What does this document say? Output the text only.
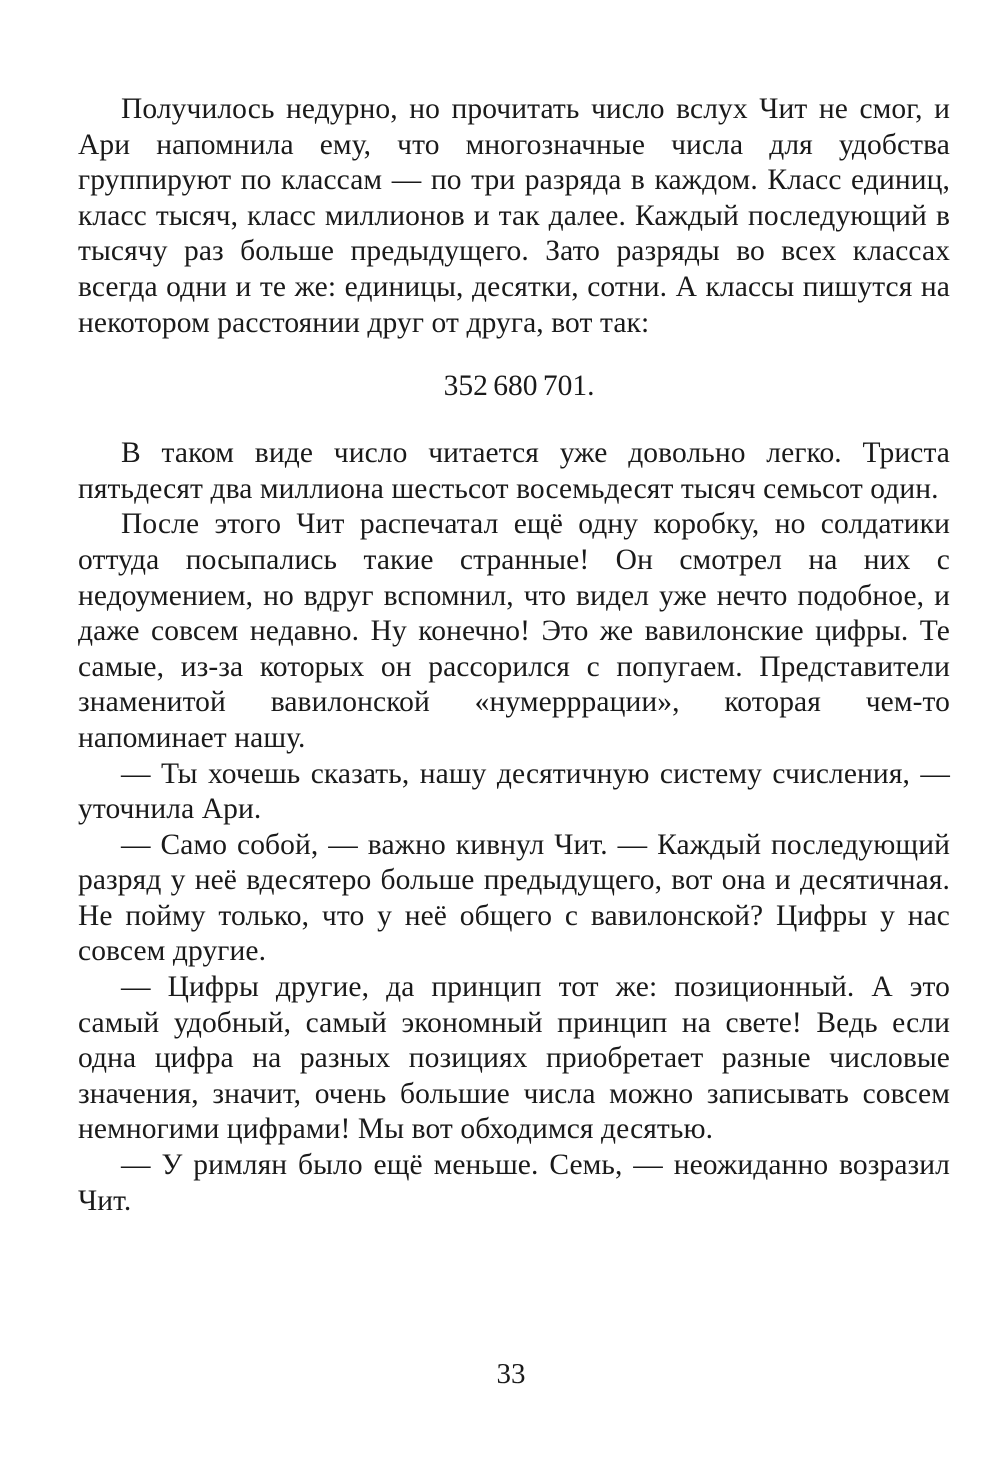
Получилось недурно, но прочитать число вслух Чит не смог, и Ари напомнила ему, что многозначные числа для удобства группируют по классам — по три разряда в каждом. Класс единиц, класс тысяч, класс миллионов и так далее. Каждый последующий в тысячу раз больше предыдущего. Зато разряды во всех классах всегда одни и те же: единицы, десятки, сотни. А классы пишутся на некотором расстоянии друг от друга, вот так:

352 680 701.

В таком виде число читается уже довольно легко. Триста пятьдесят два миллиона шестьсот восемьдесят тысяч семьсот один.

После этого Чит распечатал ещё одну коробку, но солдатики оттуда посыпались такие странные! Он смотрел на них с недоумением, но вдруг вспомнил, что видел уже нечто подобное, и даже совсем недавно. Ну конечно! Это же вавилонские цифры. Те самые, из-за которых он рассорился с попугаем. Представители знаменитой вавилонской «нумерррации», которая чем-то напоминает нашу.

— Ты хочешь сказать, нашу десятичную систему счисления, — уточнила Ари.

— Само собой, — важно кивнул Чит. — Каждый последующий разряд у неё вдесятеро больше предыдущего, вот она и десятичная. Не пойму только, что у неё общего с вавилонской? Цифры у нас совсем другие.

— Цифры другие, да принцип тот же: позиционный. А это самый удобный, самый экономный принцип на свете! Ведь если одна цифра на разных позициях приобретает разные числовые значения, значит, очень большие числа можно записывать совсем немногими цифрами! Мы вот обходимся десятью.

— У римлян было ещё меньше. Семь, — неожиданно возразил Чит.

33
